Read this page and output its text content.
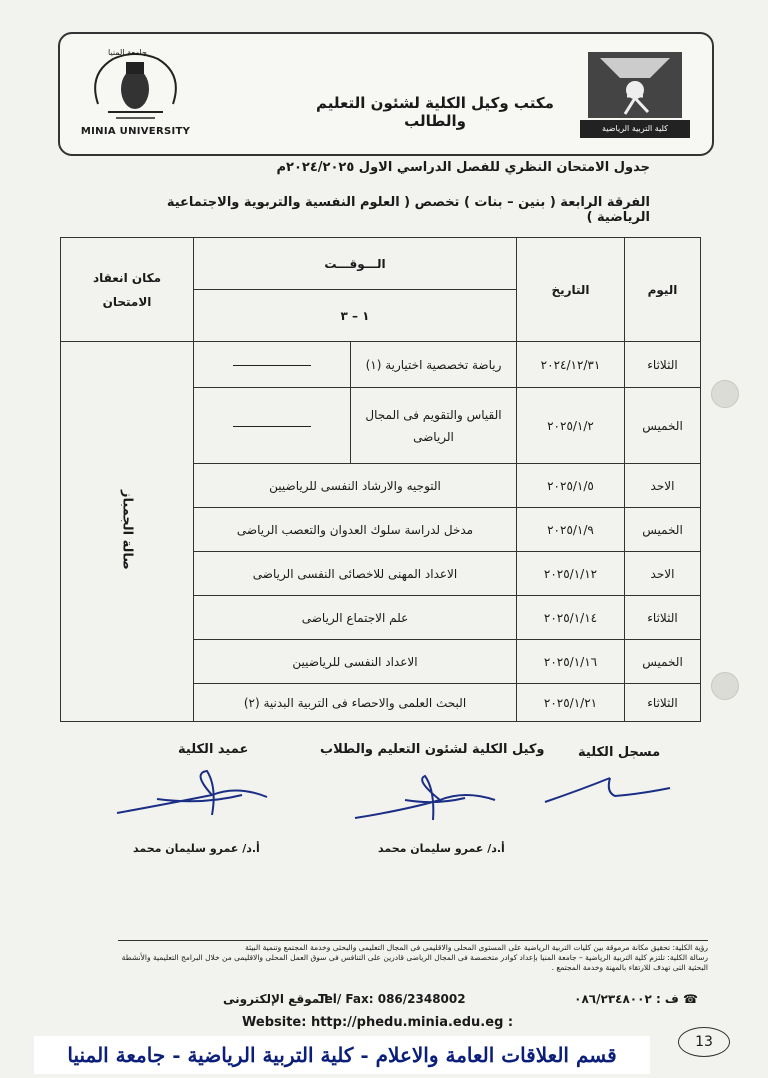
جامعة المنيا
MINIA UNIVERSITY
مكتب وكيل الكلية لشئون التعليم والطالب	كلية التربية الرياضية
جدول الامتحان النظري للفصل الدراسي الاول ٢٠٢٤/٢٠٢٥م
الفرقة الرابعة ( بنين – بنات ) تخصص ( العلوم النفسية والتربوية والاجتماعية الرياضية )
اليوم	التاريخ	الـــوقـــت		مكان انعقاد
الامتحان

		١ – ٣		
الثلاثاء	٢٠٢٤/١٢/٣١	رياضة تخصصية اختيارية (١)		صالة الجمباز
الخميس	٢٠٢٥/١/٢	القياس والتقويم فى المجال الرياضى		
الاحد	٢٠٢٥/١/٥	التوجيه والارشاد النفسى للرياضيين		
الخميس	٢٠٢٥/١/٩	مدخل لدراسة سلوك العدوان والتعصب الرياضى		
الاحد	٢٠٢٥/١/١٢	الاعداد المهنى للاخصائى النفسى الرياضى		
الثلاثاء	٢٠٢٥/١/١٤	علم الاجتماع الرياضى		
الخميس	٢٠٢٥/١/١٦	الاعداد النفسى للرياضيين		
الثلاثاء	٢٠٢٥/١/٢١	البحث العلمى والاحصاء فى التربية البدنية (٢)		
مسجل الكلية
وكيل الكلية لشئون التعليم والطلاب
عميد الكلية
أ.د/ عمرو سليمان محمد
أ.د/ عمرو سليمان محمد
رؤية الكلية: تحقيق مكانة مرموقة بين كليات التربية الرياضية على المستوى المحلى والاقليمى فى المجال التعليمى والبحثى وخدمة المجتمع وتنمية البيئة
رسالة الكلية: تلتزم كلية التربية الرياضية – جامعة المنيا بإعداد كوادر متخصصة فى المجال الرياضى قادرين على التنافس فى سوق العمل المحلى والاقليمى من خلال البرامج التعليمية والأنشطة البحثية التى تهدف للارتقاء بالمهنة وخدمة المجتمع .
الموقع الإلكترونى
Tel/ Fax: 086/2348002	☎ ف : ٠٨٦/٢٣٤٨٠٠٢
Website: http://phedu.minia.edu.eg :
13
قسم العلاقات العامة والاعلام - كلية التربية الرياضية - جامعة المنيا
